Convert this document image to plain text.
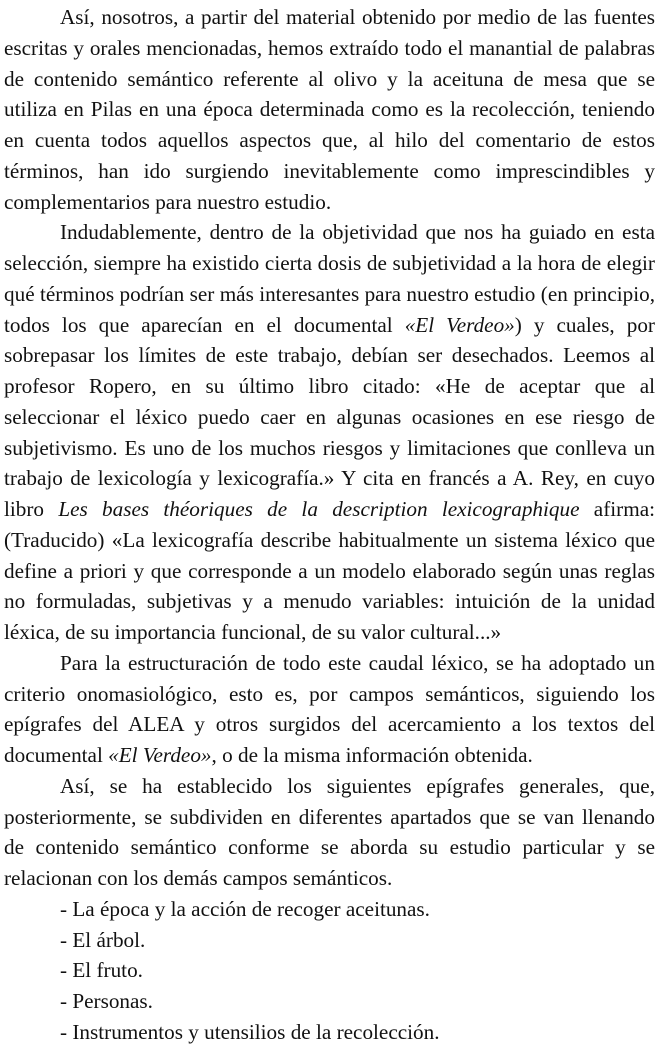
Así, nosotros, a partir del material obtenido por medio de las fuentes escritas y orales mencionadas, hemos extraído todo el manantial de palabras de contenido semántico referente al olivo y la aceituna de mesa que se utiliza en Pilas en una época determinada como es la recolección, teniendo en cuenta todos aquellos aspectos que, al hilo del comentario de estos términos, han ido surgiendo inevitablemente como imprescindibles y complementarios para nuestro estudio.

Indudablemente, dentro de la objetividad que nos ha guiado en esta selección, siempre ha existido cierta dosis de subjetividad a la hora de elegir qué términos podrían ser más interesantes para nuestro estudio (en principio, todos los que aparecían en el documental «El Verdeo») y cuales, por sobrepasar los límites de este trabajo, debían ser desechados. Leemos al profesor Ropero, en su último libro citado: «He de aceptar que al seleccionar el léxico puedo caer en algunas ocasiones en ese riesgo de subjetivismo. Es uno de los muchos riesgos y limitaciones que conlleva un trabajo de lexicología y lexicografía.» Y cita en francés a A. Rey, en cuyo libro Les bases théoriques de la description lexicographique afirma: (Traducido) «La lexicografía describe habitualmente un sistema léxico que define a priori y que corresponde a un modelo elaborado según unas reglas no formuladas, subjetivas y a menudo variables: intuición de la unidad léxica, de su importancia funcional, de su valor cultural...»

Para la estructuración de todo este caudal léxico, se ha adoptado un criterio onomasiológico, esto es, por campos semánticos, siguiendo los epígrafes del ALEA y otros surgidos del acercamiento a los textos del documental «El Verdeo», o de la misma información obtenida.

Así, se ha establecido los siguientes epígrafes generales, que, posteriormente, se subdividen en diferentes apartados que se van llenando de contenido semántico conforme se aborda su estudio particular y se relacionan con los demás campos semánticos.

- La época y la acción de recoger aceitunas.
- El árbol.
- El fruto.
- Personas.
- Instrumentos y utensilios de la recolección.
